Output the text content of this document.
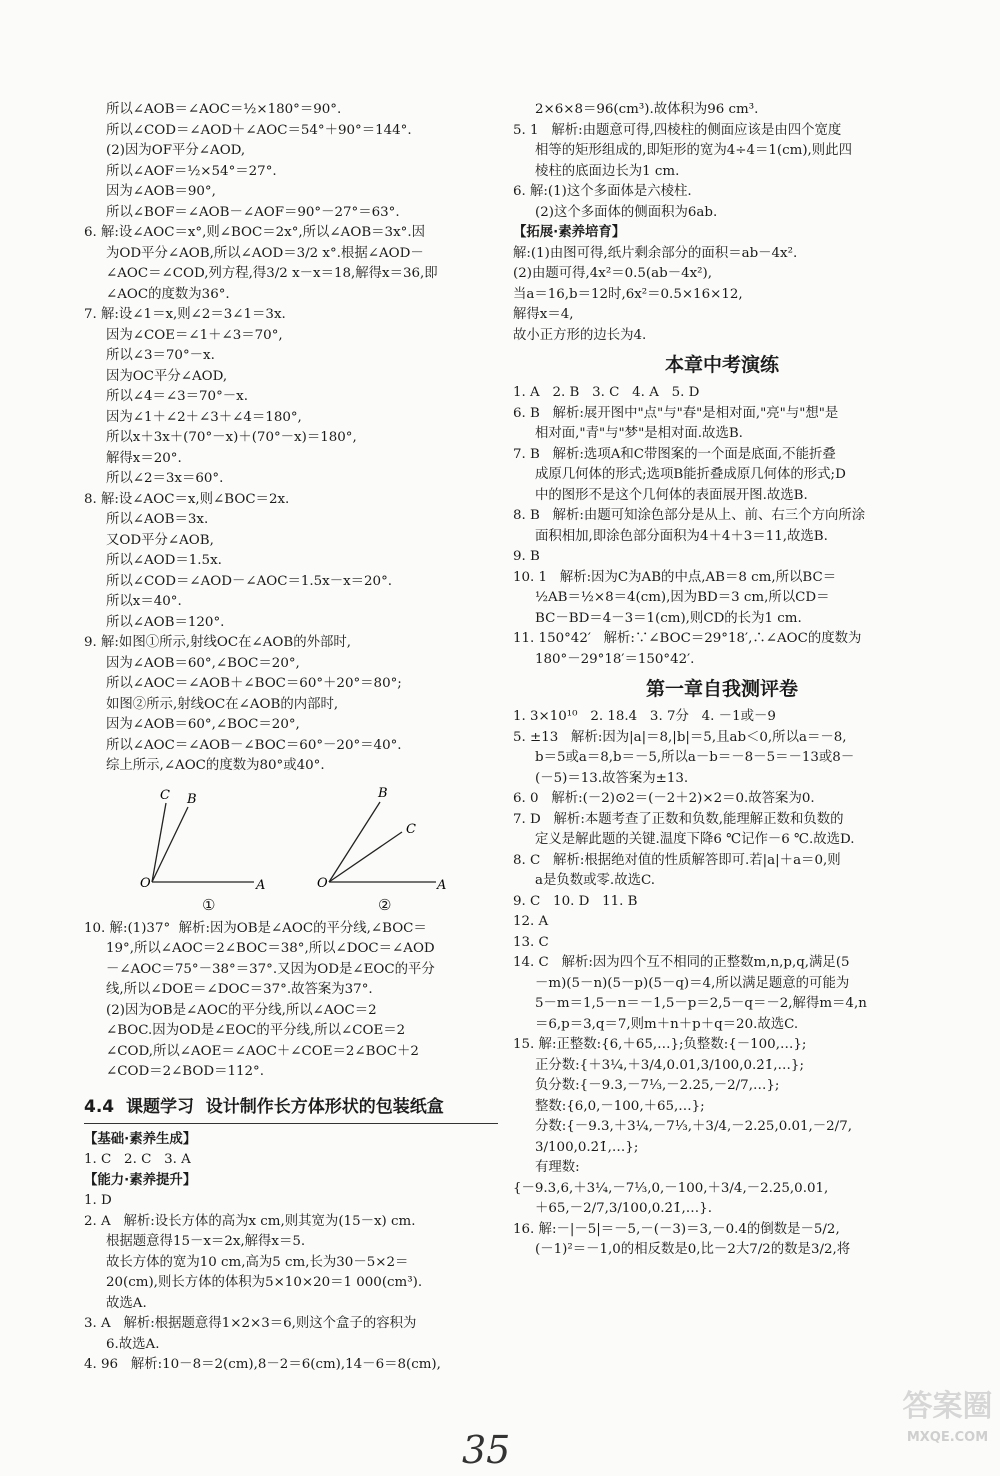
所以∠AOB＝∠AOC＝½×180°＝90°.
所以∠COD＝∠AOD＋∠AOC＝54°＋90°＝144°.
(2)因为OF平分∠AOD,
所以∠AOF＝½×54°＝27°.
因为∠AOB＝90°,
所以∠BOF＝∠AOB－∠AOF＝90°－27°＝63°.
6. 解:设∠AOC＝x°,则∠BOC＝2x°,所以∠AOB＝3x°.因
为OD平分∠AOB,所以∠AOD＝3/2 x°.根据∠AOD－
∠AOC＝∠COD,列方程,得3/2 x－x＝18,解得x＝36,即
∠AOC的度数为36°.
7. 解:设∠1＝x,则∠2＝3∠1＝3x.
因为∠COE＝∠1＋∠3＝70°,
所以∠3＝70°－x.
因为OC平分∠AOD,
所以∠4＝∠3＝70°－x.
因为∠1＋∠2＋∠3＋∠4＝180°,
所以x＋3x＋(70°－x)＋(70°－x)＝180°,
解得x＝20°.
所以∠2＝3x＝60°.
8. 解:设∠AOC＝x,则∠BOC＝2x.
所以∠AOB＝3x.
又OD平分∠AOB,
所以∠AOD＝1.5x.
所以∠COD＝∠AOD－∠AOC＝1.5x－x＝20°.
所以x＝40°.
所以∠AOB＝120°.
9. 解:如图①所示,射线OC在∠AOB的外部时,
因为∠AOB＝60°,∠BOC＝20°,
所以∠AOC＝∠AOB＋∠BOC＝60°＋20°＝80°;
如图②所示,射线OC在∠AOB的内部时,
因为∠AOB＝60°,∠BOC＝20°,
所以∠AOC＝∠AOB－∠BOC＝60°－20°＝40°.
综上所示,∠AOC的度数为80°或40°.
C B
O	A
B
C
O	A
①	②
10. 解:(1)37°  解析:因为OB是∠AOC的平分线,∠BOC＝
19°,所以∠AOC＝2∠BOC＝38°,所以∠DOC＝∠AOD
－∠AOC＝75°－38°＝37°.又因为OD是∠EOC的平分
线,所以∠DOE＝∠DOC＝37°.故答案为37°.
(2)因为OB是∠AOC的平分线,所以∠AOC＝2
∠BOC.因为OD是∠EOC的平分线,所以∠COE＝2
∠COD,所以∠AOE＝∠AOC＋∠COE＝2∠BOC＋2
∠COD＝2∠BOD＝112°.
4.4  课题学习  设计制作长方体形状的包装纸盒
【基础·素养生成】
1. C   2. C   3. A
【能力·素养提升】
1. D
2. A   解析:设长方体的高为x cm,则其宽为(15－x) cm.
根据题意得15－x＝2x,解得x＝5.
故长方体的宽为10 cm,高为5 cm,长为30－5×2＝
20(cm),则长方体的体积为5×10×20＝1 000(cm³).
故选A.
3. A   解析:根据题意得1×2×3＝6,则这个盒子的容积为
6.故选A.
4. 96   解析:10－8＝2(cm),8－2＝6(cm),14－6＝8(cm),
2×6×8＝96(cm³).故体积为96 cm³.
5. 1   解析:由题意可得,四棱柱的侧面应该是由四个宽度
相等的矩形组成的,即矩形的宽为4÷4＝1(cm),则此四
棱柱的底面边长为1 cm.
6. 解:(1)这个多面体是六棱柱.
(2)这个多面体的侧面积为6ab.
【拓展·素养培育】
解:(1)由图可得,纸片剩余部分的面积＝ab－4x².
(2)由题可得,4x²＝0.5(ab－4x²),
当a＝16,b＝12时,6x²＝0.5×16×12,
解得x＝4,
故小正方形的边长为4.
本章中考演练
1. A   2. B   3. C   4. A   5. D
6. B   解析:展开图中"点"与"春"是相对面,"亮"与"想"是
相对面,"青"与"梦"是相对面.故选B.
7. B   解析:选项A和C带图案的一个面是底面,不能折叠
成原几何体的形式;选项B能折叠成原几何体的形式;D
中的图形不是这个几何体的表面展开图.故选B.
8. B   解析:由题可知涂色部分是从上、前、右三个方向所涂
面积相加,即涂色部分面积为4＋4＋3＝11,故选B.
9. B
10. 1   解析:因为C为AB的中点,AB＝8 cm,所以BC＝
½AB＝½×8＝4(cm),因为BD＝3 cm,所以CD＝
BC－BD＝4－3＝1(cm),则CD的长为1 cm.
11. 150°42′   解析:∵∠BOC＝29°18′,∴∠AOC的度数为
180°－29°18′＝150°42′.
第一章自我测评卷
1. 3×10¹⁰   2. 18.4   3. 7分   4. －1或－9
5. ±13   解析:因为|a|＝8,|b|＝5,且ab＜0,所以a＝－8,
b＝5或a＝8,b＝－5,所以a－b＝－8－5＝－13或8－
(－5)＝13.故答案为±13.
6. 0   解析:(－2)⊙2＝(－2＋2)×2＝0.故答案为0.
7. D   解析:本题考查了正数和负数,能理解正数和负数的
定义是解此题的关键.温度下降6 ℃记作－6 ℃.故选D.
8. C   解析:根据绝对值的性质解答即可.若|a|＋a＝0,则
a是负数或零.故选C.
9. C   10. D   11. B
12. A
13. C
14. C   解析:因为四个互不相同的正整数m,n,p,q,满足(5
－m)(5－n)(5－p)(5－q)＝4,所以满足题意的可能为
5－m＝1,5－n＝－1,5－p＝2,5－q＝－2,解得m＝4,n
＝6,p＝3,q＝7,则m＋n＋p＋q＝20.故选C.
15. 解:正整数:{6,＋65,…};负整数:{－100,…};
正分数:{＋3¼,＋3/4,0.01,3/100,0.2̇1̇,…};
负分数:{－9.3,－7⅓,－2.25,－2/7,…};
整数:{6,0,－100,＋65,…};
分数:{－9.3,＋3¼,－7⅓,＋3/4,－2.25,0.01,－2/7,
3/100,0.2̇1̇,…};
有理数:
{－9.3,6,＋3¼,－7⅓,0,－100,＋3/4,－2.25,0.01,
＋65,－2/7,3/100,0.2̇1̇,…}.
16. 解:－|－5|＝－5,－(－3)＝3,－0.4的倒数是－5/2,
(－1)²＝－1,0的相反数是0,比－2大7/2的数是3/2,将
35
答案圈
MXQE.COM
